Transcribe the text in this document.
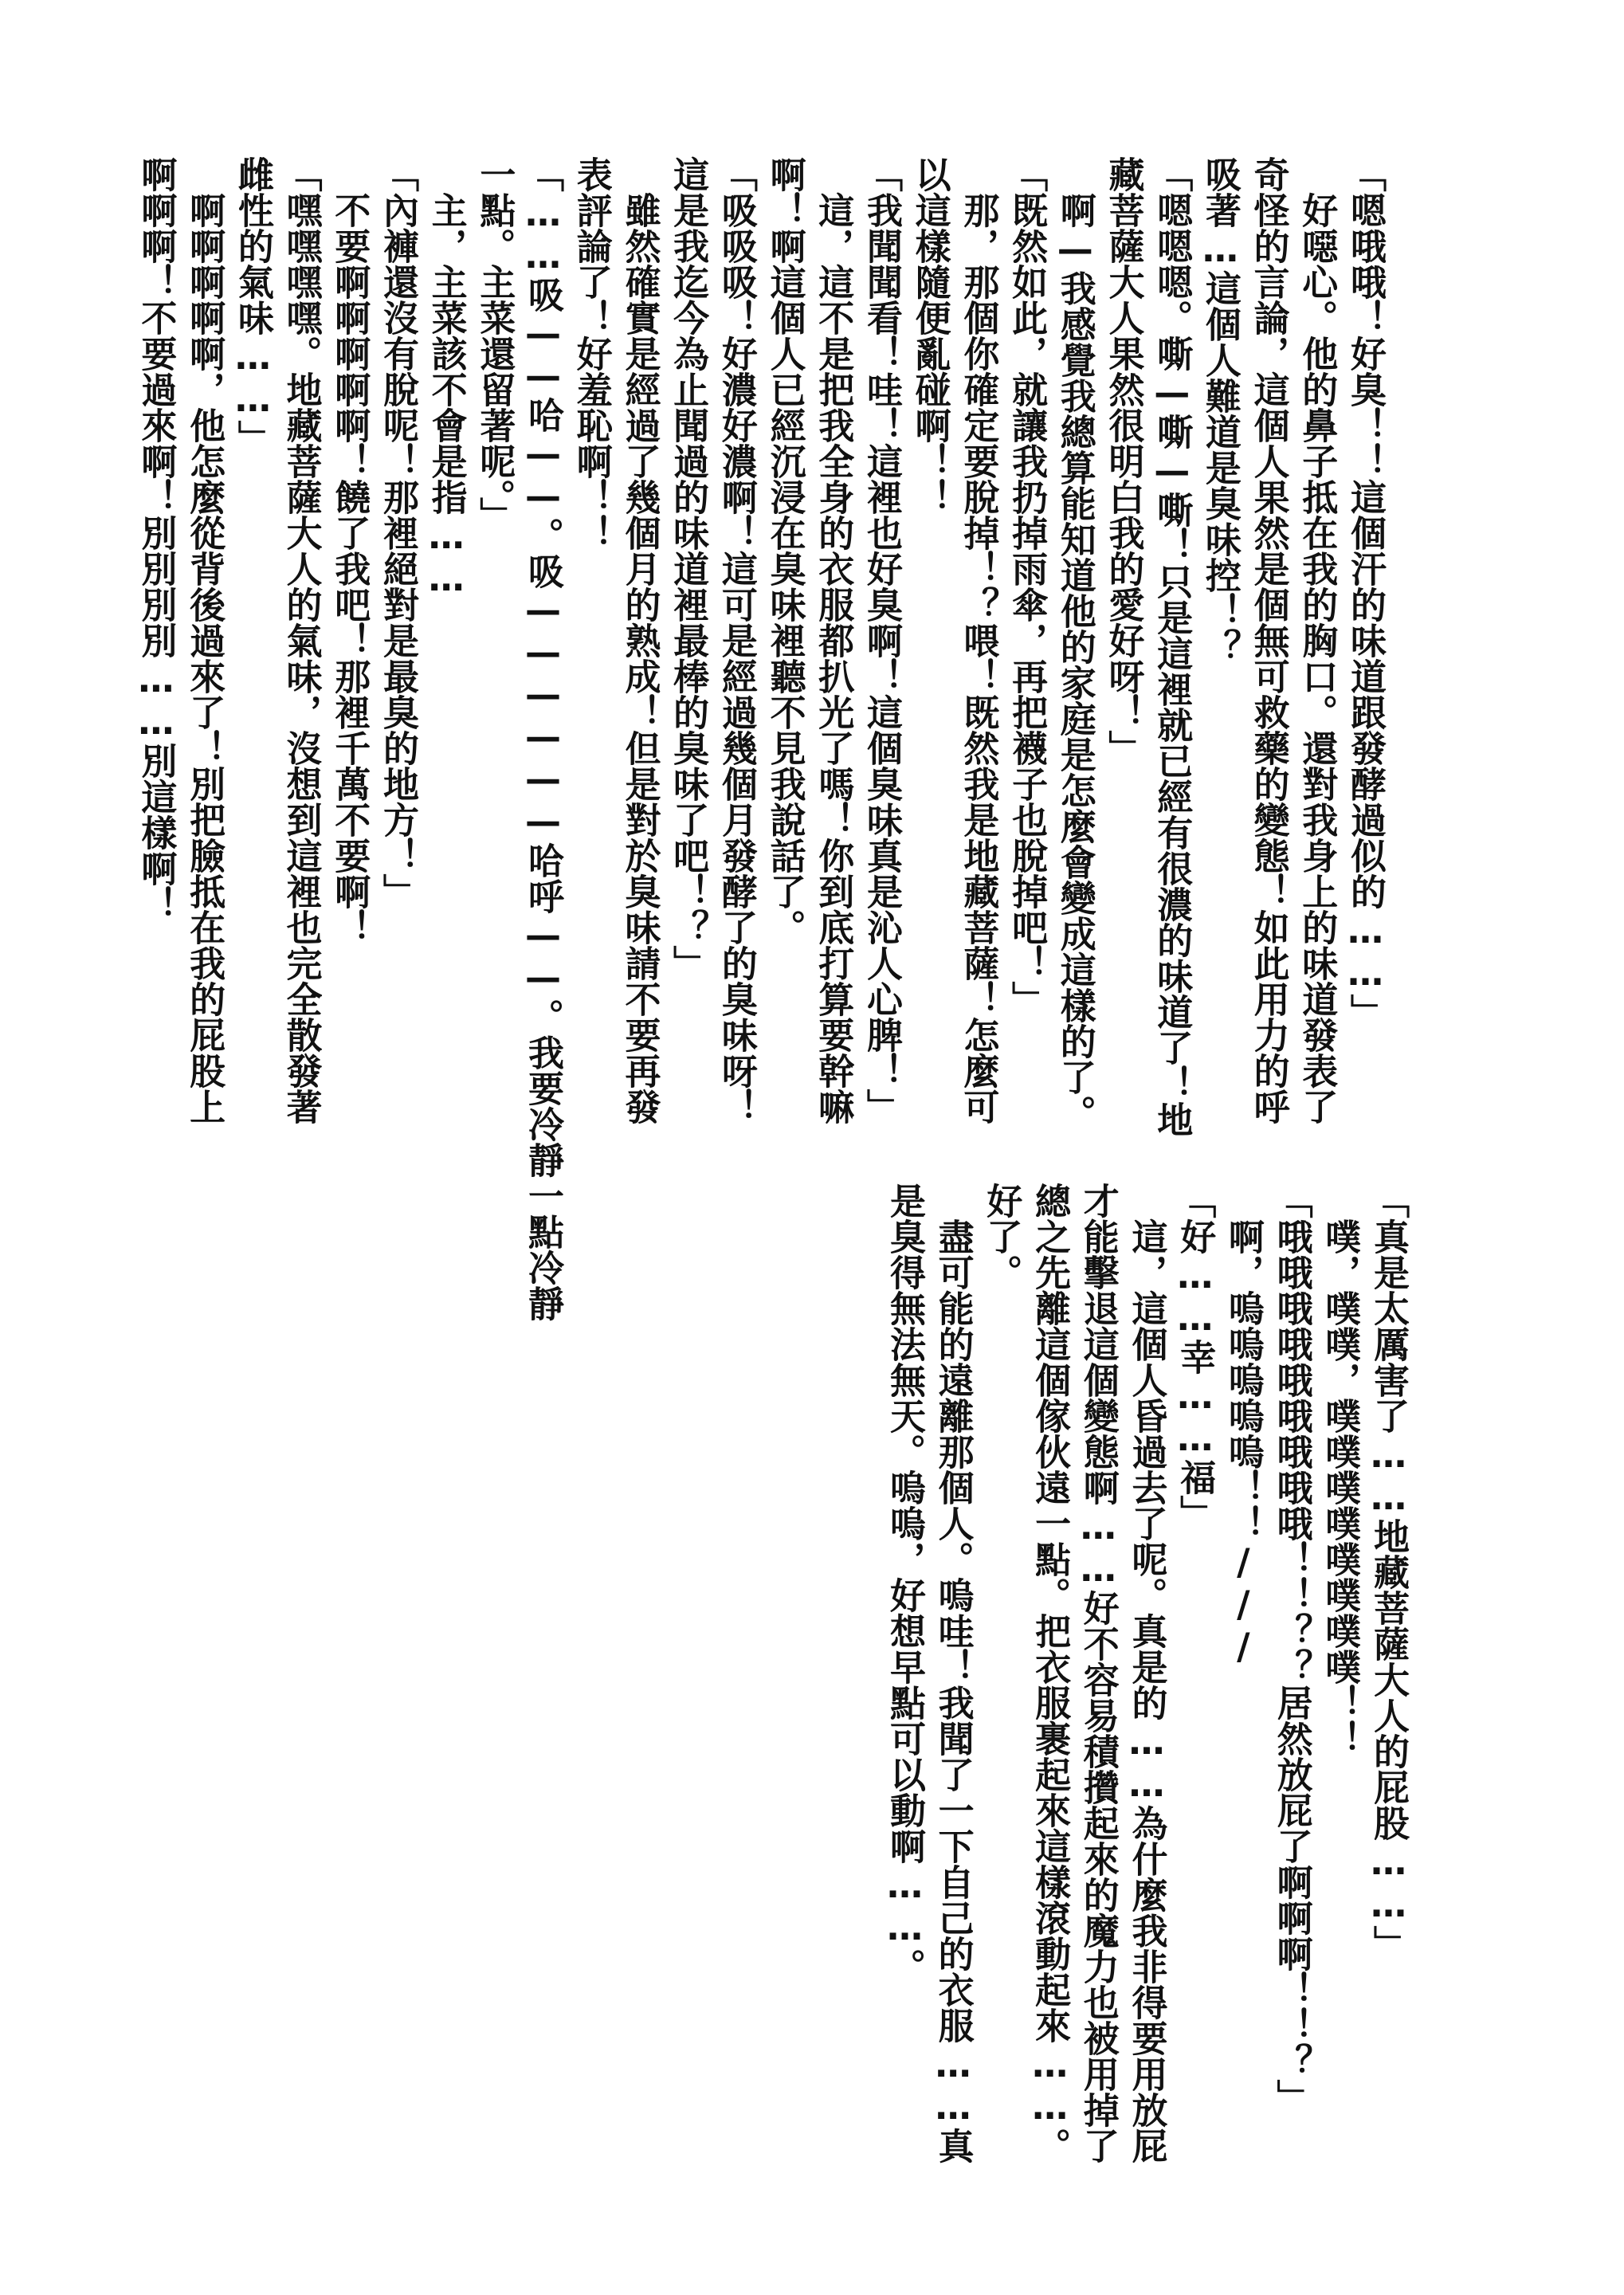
「嗯哦哦！好臭！！這個汗的味道跟發酵過似的……」
　好噁心。他的鼻子抵在我的胸口。還對我身上的味道發表了
奇怪的言論，這個人果然是個無可救藥的變態！如此用力的呼
吸著…這個人難道是臭味控！？
「嗯嗯嗯。嘶—嘶—嘶！只是這裡就已經有很濃的味道了！地
藏菩薩大人果然很明白我的愛好呀！」
　啊—我感覺我總算能知道他的家庭是怎麼會變成這樣的了。
「既然如此，就讓我扔掉雨傘，再把襪子也脫掉吧！」
　那，那個你確定要脫掉！？喂！既然我是地藏菩薩！怎麼可
以這樣隨便亂碰啊！！
「我聞聞看！哇！這裡也好臭啊！這個臭味真是沁人心脾！」
　這，這不是把我全身的衣服都扒光了嗎！你到底打算要幹嘛
啊！啊這個人已經沉浸在臭味裡聽不見我說話了。
「吸吸吸！好濃好濃啊！這可是經過幾個月發酵了的臭味呀！
這是我迄今為止聞過的味道裡最棒的臭味了吧！？」
　雖然確實是經過了幾個月的熟成！但是對於臭味請不要再發
表評論了！好羞恥啊！！
「……吸——哈——。吸——————哈呼——。我要冷靜一點冷靜
一點。主菜還留著呢。」
　主，主菜該不會是指……
「內褲還沒有脫呢！那裡絕對是最臭的地方！」
　不要啊啊啊啊啊！饒了我吧！那裡千萬不要啊！
「嘿嘿嘿嘿。地藏菩薩大人的氣味，沒想到這裡也完全散發著
雌性的氣味……」
　啊啊啊啊啊，他怎麼從背後過來了！別把臉抵在我的屁股上
啊啊啊！不要過來啊！別別別別……別這樣啊！
「真是太厲害了……地藏菩薩大人的屁股……」
　噗，噗噗，噗噗噗噗噗噗噗噗！！
「哦哦哦哦哦哦哦哦哦！！？？居然放屁了啊啊啊！！？」
　啊，嗚嗚嗚嗚嗚！！///
「好……幸……福」
　這，這個人昏過去了呢。真是的……為什麼我非得要用放屁
才能擊退這個變態啊……好不容易積攢起來的魔力也被用掉了
總之先離這個傢伙遠一點。把衣服裹起來這樣滾動起來……。
好了。
　盡可能的遠離那個人。嗚哇！我聞了一下自己的衣服……真
是臭得無法無天。嗚嗚，好想早點可以動啊……。
